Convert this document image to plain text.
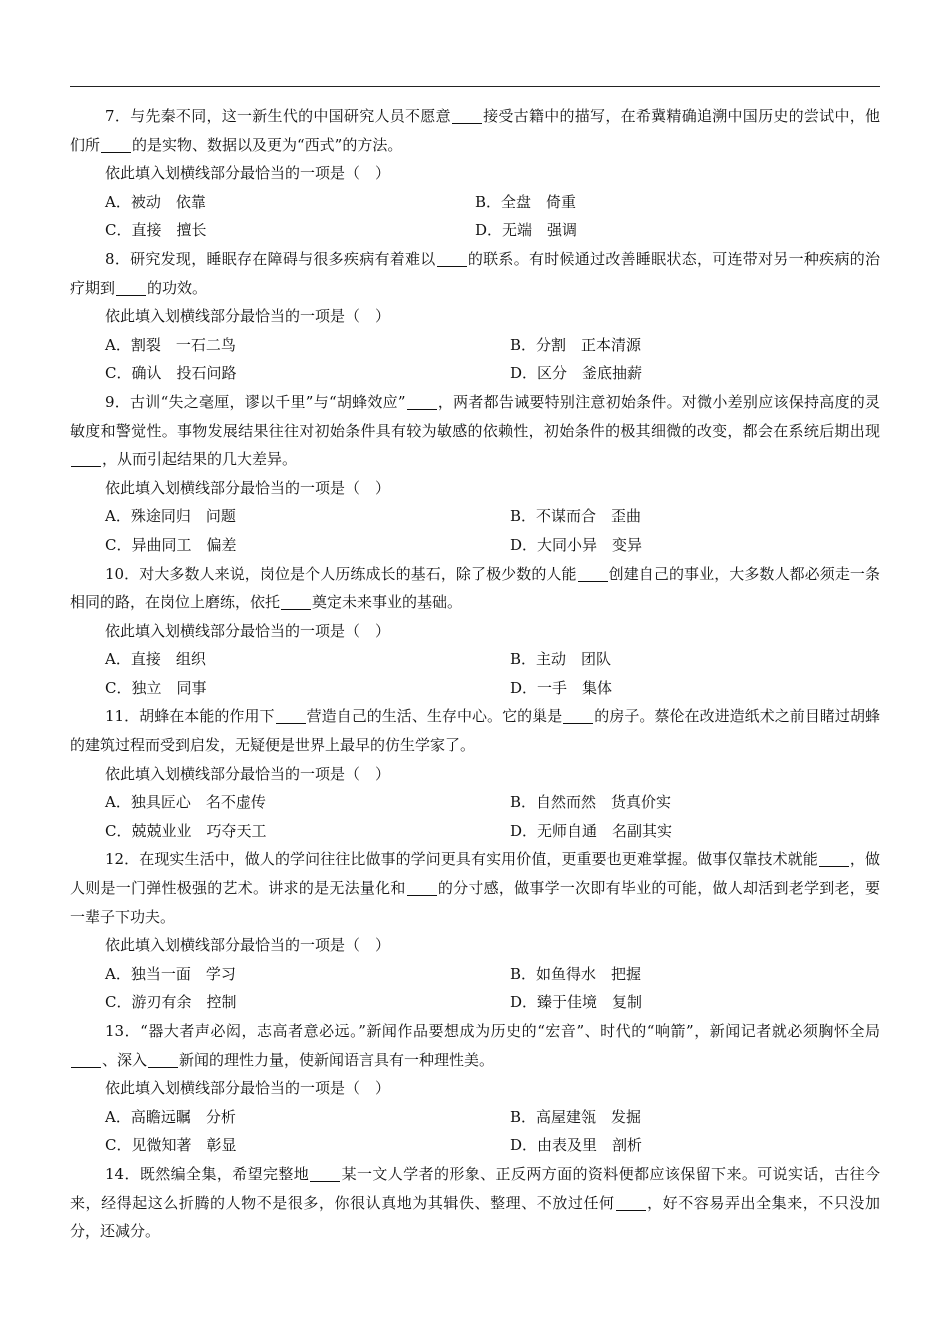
7．与先秦不同，这一新生代的中国研究人员不愿意 接受古籍中的描写，在希冀精确追溯中国历史的尝试中，他们所 的是实物、数据以及更为“西式”的方法。

依此填入划横线部分最恰当的一项是（　）

A．被动　依靠	B．全盘　倚重
C．直接　擅长	D．无端　强调

8．研究发现，睡眠存在障碍与很多疾病有着难以 的联系。有时候通过改善睡眠状态，可连带对另一种疾病的治疗期到 的功效。

依此填入划横线部分最恰当的一项是（　）

A．割裂　一石二鸟	B．分割　正本清源
C．确认　投石问路	D．区分　釜底抽薪

9．古训“失之毫厘，谬以千里”与“胡蜂效应” ，两者都告诫要特别注意初始条件。对微小差别应该保持高度的灵敏度和警觉性。事物发展结果往往对初始条件具有较为敏感的依赖性，初始条件的极其细微的改变，都会在系统后期出现，从而引起结果的几大差异。

依此填入划横线部分最恰当的一项是（　）

A．殊途同归　问题	B．不谋而合　歪曲
C．异曲同工　偏差	D．大同小异　变异

10．对大多数人来说，岗位是个人历练成长的基石，除了极少数的人能 创建自己的事业，大多数人都必须走一条相同的路，在岗位上磨练，依托 奠定未来事业的基础。

依此填入划横线部分最恰当的一项是（　）

A．直接　组织	B．主动　团队
C．独立　同事	D．一手　集体

11．胡蜂在本能的作用下 营造自己的生活、生存中心。它的巢是 的房子。蔡伦在改进造纸术之前目睹过胡蜂的建筑过程而受到启发，无疑便是世界上最早的仿生学家了。

依此填入划横线部分最恰当的一项是（　）

A．独具匠心　名不虚传	B．自然而然　货真价实
C．兢兢业业　巧夺天工	D．无师自通　名副其实

12．在现实生活中，做人的学问往往比做事的学问更具有实用价值，更重要也更难掌握。做事仅靠技术就能 ，做人则是一门弹性极强的艺术。讲求的是无法量化和 的分寸感，做事学一次即有毕业的可能，做人却活到老学到老，要一辈子下功夫。

依此填入划横线部分最恰当的一项是（　）

A．独当一面　学习	B．如鱼得水　把握
C．游刃有余　控制	D．臻于佳境　复制

13．“器大者声必闳，志高者意必远。”新闻作品要想成为历史的“宏音”、时代的“响箭”，新闻记者就必须胸怀全局、深入 新闻的理性力量，使新闻语言具有一种理性美。

依此填入划横线部分最恰当的一项是（　）

A．高瞻远瞩　分析	B．高屋建瓴　发掘
C．见微知著　彰显	D．由表及里　剖析

14．既然编全集，希望完整地 某一文人学者的形象、正反两方面的资料便都应该保留下来。可说实话，古往今来，经得起这么折腾的人物不是很多，你很认真地为其辑佚、整理、不放过任何 ，好不容易弄出全集来，不只没加分，还减分。
